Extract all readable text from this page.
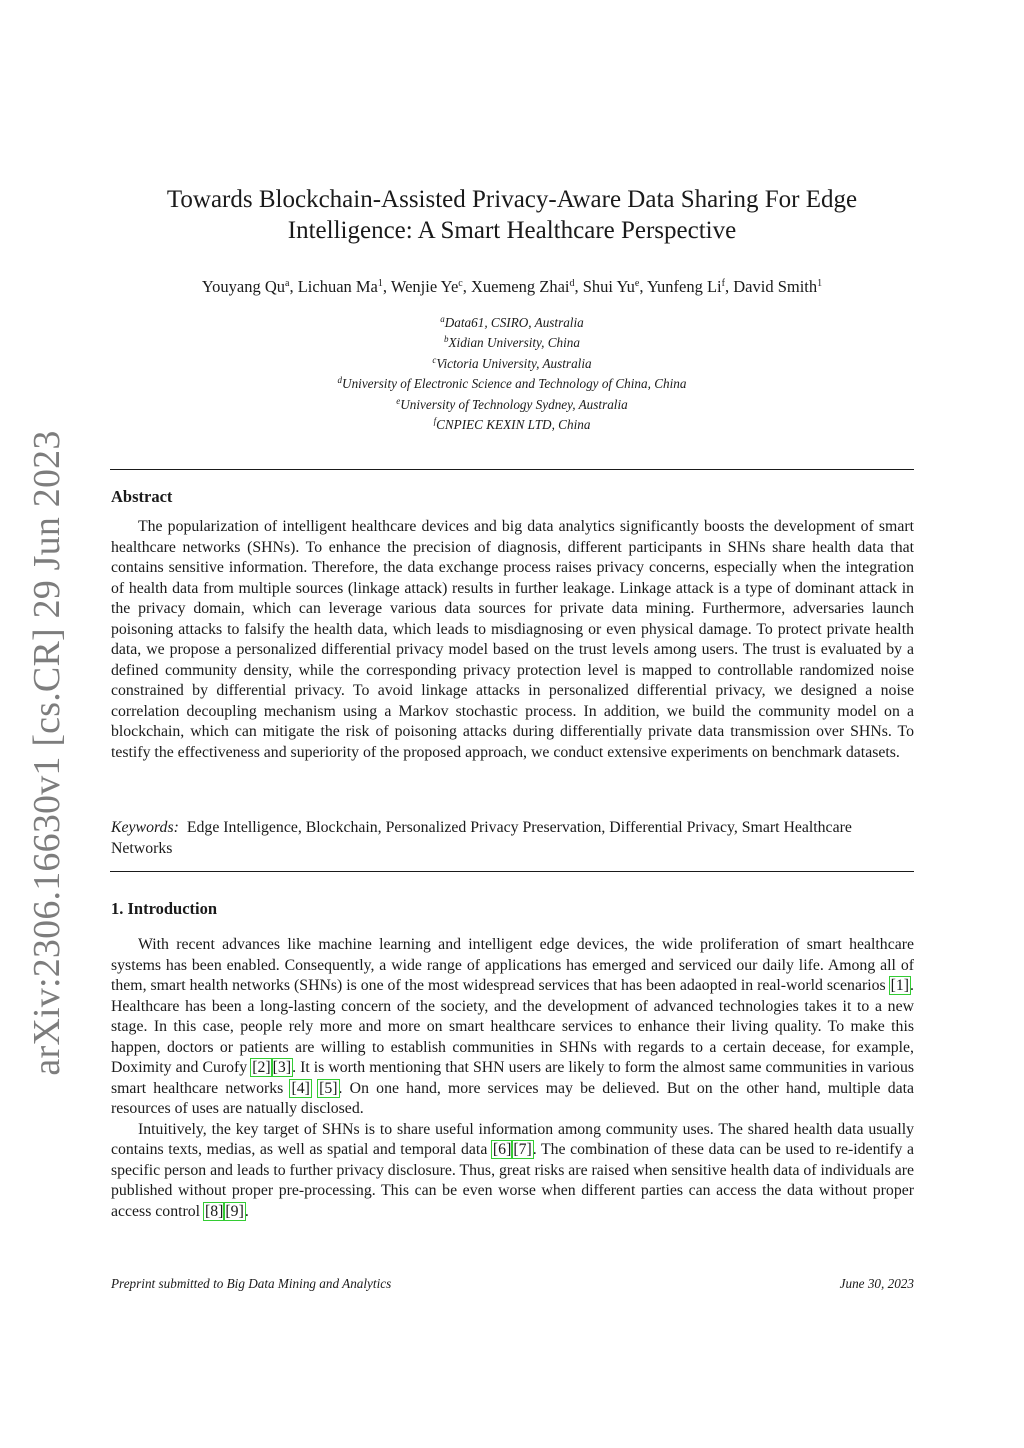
arXiv:2306.16630v1 [cs.CR] 29 Jun 2023
Towards Blockchain-Assisted Privacy-Aware Data Sharing For Edge
Intelligence: A Smart Healthcare Perspective
Youyang Qu$^a$, Lichuan Ma$^1$, Wenjie Ye$^c$, Xuemeng Zhai$^d$, Shui Yu$^e$, Yunfeng Li$^f$, David Smith$^1$
$^a$Data61, CSIRO, Australia
$^b$Xidian University, China
$^c$Victoria University, Australia
$^d$University of Electronic Science and Technology of China, China
$^e$University of Technology Sydney, Australia
$^f$CNPIEC KEXIN LTD, China
Abstract

The popularization of intelligent healthcare devices and big data analytics significantly boosts the development of smart healthcare networks (SHNs). To enhance the precision of diagnosis, different participants in SHNs share health data that contains sensitive information. Therefore, the data exchange process raises privacy concerns, especially when the integration of health data from multiple sources (linkage attack) results in further leakage. Linkage attack is a type of dominant attack in the privacy domain, which can leverage various data sources for private data mining. Furthermore, adversaries launch poisoning attacks to falsify the health data, which leads to misdiagnosing or even physical damage. To protect private health data, we propose a personalized differential privacy model based on the trust levels among users. The trust is evaluated by a defined community density, while the corresponding privacy protection level is mapped to controllable randomized noise constrained by differential privacy. To avoid linkage attacks in personalized differential privacy, we designed a noise correlation decoupling mechanism using a Markov stochastic process. In addition, we build the community model on a blockchain, which can mitigate the risk of poisoning attacks during differentially private data transmission over SHNs. To testify the effectiveness and superiority of the proposed approach, we conduct extensive experiments on benchmark datasets.

Keywords: Edge Intelligence, Blockchain, Personalized Privacy Preservation, Differential Privacy, Smart Healthcare Networks
1. Introduction

With recent advances like machine learning and intelligent edge devices, the wide proliferation of smart healthcare systems has been enabled. Consequently, a wide range of applications has emerged and serviced our daily life. Among all of them, smart health networks (SHNs) is one of the most widespread services that has been adaopted in real-world scenarios [1]. Healthcare has been a long-lasting concern of the society, and the development of advanced technologies takes it to a new stage. In this case, people rely more and more on smart healthcare services to enhance their living quality. To make this happen, doctors or patients are willing to establish communities in SHNs with regards to a certain decease, for example, Doximity and Curofy [2] [3]. It is worth mentioning that SHN users are likely to form the almost same communities in various smart healthcare networks [4] [5]. On one hand, more services may be delieved. But on the other hand, multiple data resources of uses are natually disclosed.

Intuitively, the key target of SHNs is to share useful information among community uses. The shared health data usually contains texts, medias, as well as spatial and temporal data [6] [7]. The combination of these data can be used to re-identify a specific person and leads to further privacy disclosure. Thus, great risks are raised when sensitive health data of individuals are published without proper pre-processing. This can be even worse when different parties can access the data without proper access control [8] [9].

Preprint submitted to Big Data Mining and Analytics	June 30, 2023
